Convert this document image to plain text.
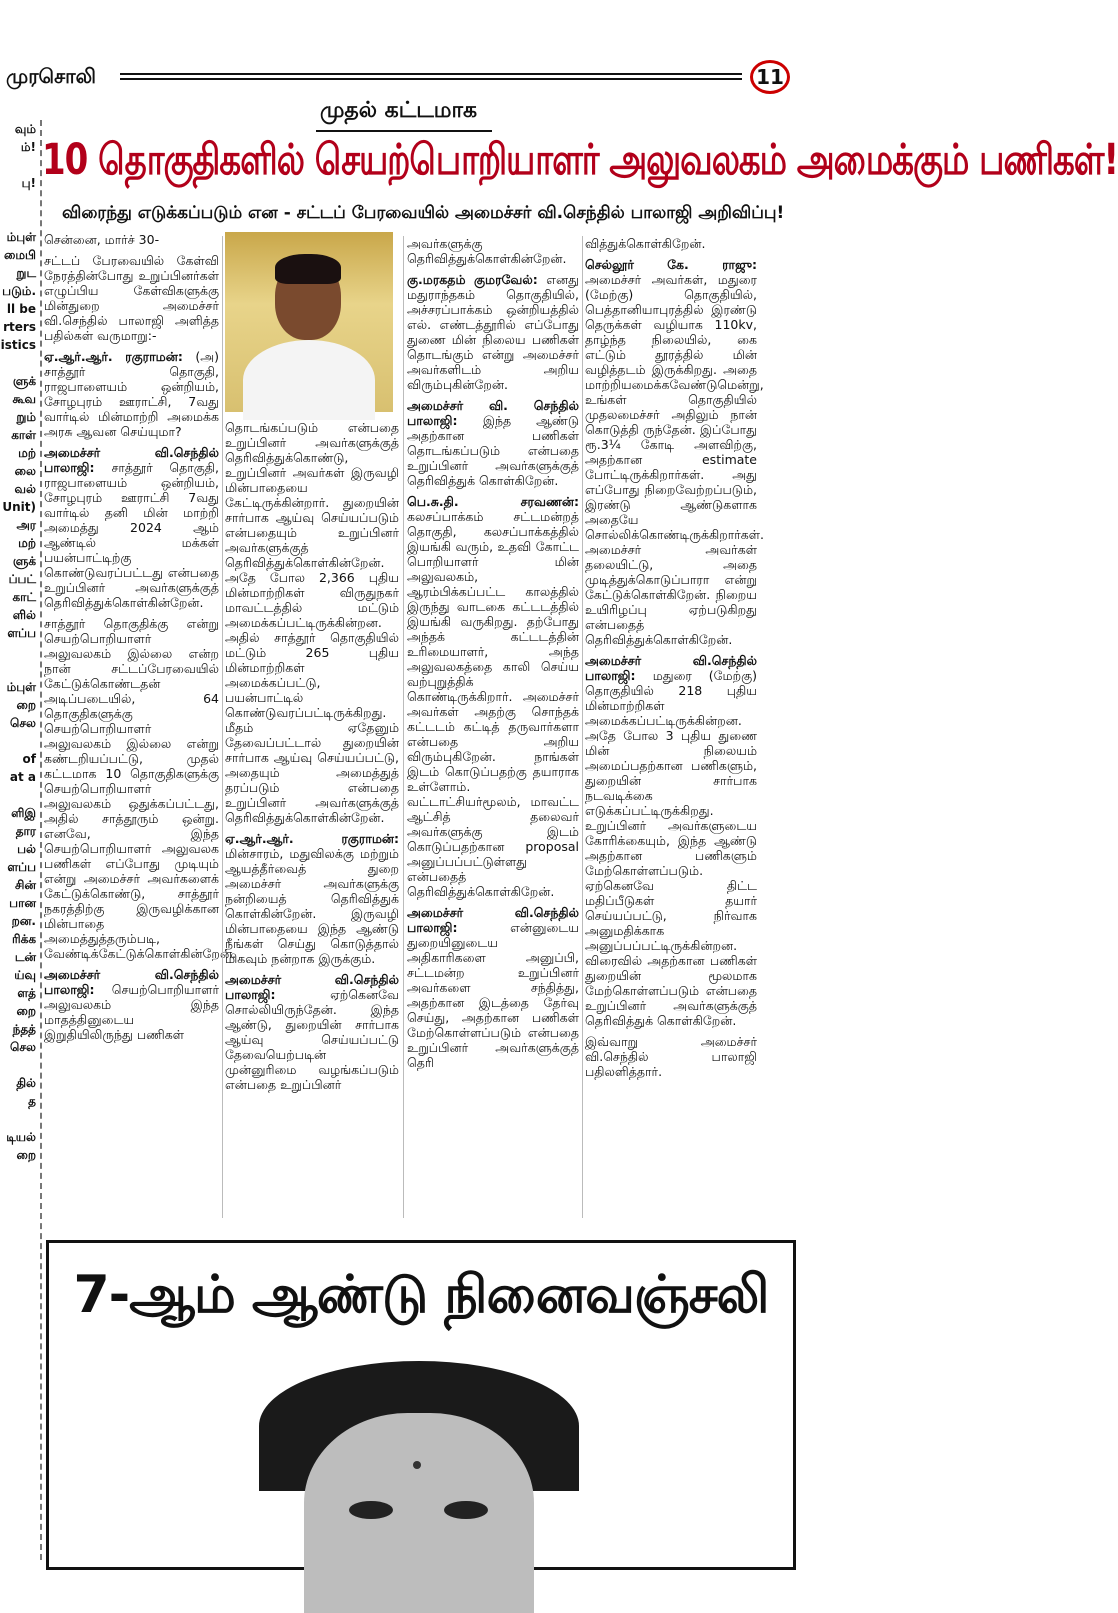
வும்
ம்!

பு!

ம்புள்
மைபி
றுட
படும்.
ll be
rters
istics

ளுக்
கூவ
றும்
காள்
மற்
லை
வல்
Unit)
அர
மற்
ளுக்
ப்பட்
காட்
ளில்
ளப்ப

ம்புள்
றை
செல

of
at a

ளிஇ
தார
பல்
ளப்ப
சின்
பான
றன.
ரிக்க
டன்
ய்வு
ளத்
றை
ந்தத்
செல

தில்
த

டியல்
றை
முரசொலி	11
முதல் கட்டமாக
10 தொகுதிகளில் செயற்பொறியாளர் அலுவலகம் அமைக்கும் பணிகள்!
விரைந்து எடுக்கப்படும் என - சட்டப் பேரவையில் அமைச்சர் வி.செந்தில் பாலாஜி அறிவிப்பு!

சென்னை, மார்ச் 30-

சட்டப் பேரவையில் கேள்வி நேரத்தின்போது உறுப்பினர்கள் எழுப்பிய கேள்விகளுக்கு மின்துறை அமைச்சர் வி.செந்தில் பாலாஜி அளித்த பதில்கள் வருமாறு:-

ஏ.ஆர்.ஆர். ரகுராமன்: (அ) சாத்தூர் தொகுதி, ராஜபாளையம் ஒன்றியம், சோழபுரம் ஊராட்சி, 7வது வார்டில் மின்மாற்றி அமைக்க அரசு ஆவன செய்யுமா?

அமைச்சர் வி.செந்தில் பாலாஜி: சாத்தூர் தொகுதி, ராஜபாளையம் ஒன்றியம், சோழபுரம் ஊராட்சி 7வது வார்டில் தனி மின் மாற்றி அமைத்து 2024 ஆம் ஆண்டில் மக்கள் பயன்பாட்டிற்கு கொண்டுவரப்பட்டது என்பதை உறுப்பினர் அவர்களுக்குத் தெரிவித்துக்கொள்கின்றேன்.

சாத்தூர் தொகுதிக்கு என்று செயற்பொறியாளர் அலுவலகம் இல்லை என்ற நான் சட்டப்பேரவையில் கேட்டுக்கொண்டதன் அடிப்படையில், 64 தொகுதிகளுக்கு செயற்பொறியாளர் அலுவலகம் இல்லை என்று கண்டறியப்பட்டு, முதல் கட்டமாக 10 தொகுதிகளுக்கு செயற்பொறியாளர் அலுவலகம் ஒதுக்கப்பட்டது, அதில் சாத்தூரும் ஒன்று. எனவே, இந்த செயற்பொறியாளர் அலுவலக பணிகள் எப்போது முடியும் என்று அமைச்சர் அவர்களைக் கேட்டுக்கொண்டு, சாத்தூர் நகரத்திற்கு இருவழிக்கான மின்பாதை அமைத்துத்தரும்படி, வேண்டிக்கேட்டுக்கொள்கின்றேன்.

அமைச்சர் வி.செந்தில் பாலாஜி: செயற்பொறியாளர் அலுவலகம் இந்த மாதத்தினுடைய இறுதியிலிருந்து பணிகள்

தொடங்கப்படும் என்பதை உறுப்பினர் அவர்களுக்குத் தெரிவித்துக்கொண்டு, உறுப்பினர் அவர்கள் இருவழி மின்பாதையை கேட்டிருக்கின்றார். துறையின் சார்பாக ஆய்வு செய்யப்படும் என்பதையும் உறுப்பினர் அவர்களுக்குத் தெரிவித்துக்கொள்கின்றேன். அதே போல 2,366 புதிய மின்மாற்றிகள் விருதுநகர் மாவட்டத்தில் மட்டும் அமைக்கப்பட்டிருக்கின்றன. அதில் சாத்தூர் தொகுதியில் மட்டும் 265 புதிய மின்மாற்றிகள் அமைக்கப்பட்டு, பயன்பாட்டில் கொண்டுவரப்பட்டிருக்கிறது. மீதம் ஏதேனும் தேவைப்பட்டால் துறையின் சார்பாக ஆய்வு செய்யப்பட்டு, அதையும் அமைத்துத் தரப்படும் என்பதை உறுப்பினர் அவர்களுக்குத் தெரிவித்துக்கொள்கின்றேன்.

ஏ.ஆர்.ஆர். ரகுராமன்: மின்சாரம், மதுவிலக்கு மற்றும் ஆயத்தீர்வைத் துறை அமைச்சர் அவர்களுக்கு நன்றியைத் தெரிவித்துக் கொள்கின்றேன். இருவழி மின்பாதையை இந்த ஆண்டு நீங்கள் செய்து கொடுத்தால் மிகவும் நன்றாக இருக்கும்.

அமைச்சர் வி.செந்தில் பாலாஜி: ஏற்கெனவே சொல்லியிருந்தேன். இந்த ஆண்டு, துறையின் சார்பாக ஆய்வு செய்யப்பட்டு தேவையெற்படின் முன்னுரிமை வழங்கப்படும் என்பதை உறுப்பினர்

அவர்களுக்கு தெரிவித்துக்கொள்கின்றேன்.

கு.மரகதம் குமரவேல்: எனது மதுராந்தகம் தொகுதியில், அச்சரப்பாக்கம் ஒன்றியத்தில் எல். எண்டத்தூரில் எப்போது துணை மின் நிலைய பணிகள் தொடங்கும் என்று அமைச்சர் அவர்களிடம் அறிய விரும்புகின்றேன்.

அமைச்சர் வி. செந்தில் பாலாஜி: இந்த ஆண்டு அதற்கான பணிகள் தொடங்கப்படும் என்பதை உறுப்பினர் அவர்களுக்குத் தெரிவித்துக் கொள்கிறேன்.

பெ.சு.தி. சரவணன்: கலசப்பாக்கம் சட்டமன்றத் தொகுதி, கலசப்பாக்கத்தில் இயங்கி வரும், உதவி கோட்ட பொறியாளர் மின் அலுவலகம், ஆரம்பிக்கப்பட்ட காலத்தில் இருந்து வாடகை கட்டடத்தில் இயங்கி வருகிறது. தற்போது அந்தக் கட்டடத்தின் உரிமையாளர், அந்த அலுவலகத்தை காலி செய்ய வற்புறுத்திக் கொண்டிருக்கிறார். அமைச்சர் அவர்கள் அதற்கு சொந்தக் கட்டடம் கட்டித் தருவார்களா என்பதை அறிய விரும்புகிறேன். நாங்கள் இடம் கொடுப்பதற்கு தயாராக உள்ளோம். வட்டாட்சியர்மூலம், மாவட்ட ஆட்சித் தலைவர் அவர்களுக்கு இடம் கொடுப்பதற்கான proposal அனுப்பப்பட்டுள்ளது என்பதைத் தெரிவித்துக்கொள்கிறேன்.

அமைச்சர் வி.செந்தில் பாலாஜி: என்னுடைய துறையினுடைய அதிகாரிகளை அனுப்பி, சட்டமன்ற உறுப்பினர் அவர்களை சந்தித்து, அதற்கான இடத்தை தேர்வு செய்து, அதற்கான பணிகள் மேற்கொள்ளப்படும் என்பதை உறுப்பினர் அவர்களுக்குத் தெரி

வித்துக்கொள்கிறேன்.

செல்லூர் கே. ராஜு: அமைச்சர் அவர்கள், மதுரை (மேற்கு) தொகுதியில், பெத்தானியாபுரத்தில் இரண்டு தெருக்கள் வழியாக 110kv, தாழ்ந்த நிலையில், கை எட்டும் தூரத்தில் மின் வழித்தடம் இருக்கிறது. அதை மாற்றியமைக்கவேண்டுமென்று, உங்கள் தொகுதியில் முதலமைச்சர் அதிலும் நான் கொடுத்தி ருந்தேன். இப்போது ரூ.3¼ கோடி அளவிற்கு, அதற்கான estimate போட்டிருக்கிறார்கள். அது எப்போது நிறைவேற்றப்படும், இரண்டு ஆண்டுகளாக அதையே சொல்லிக்கொண்டிருக்கிறார்கள். அமைச்சர் அவர்கள் தலையிட்டு, அதை முடித்துக்கொடுப்பாரா என்று கேட்டுக்கொள்கிறேன். நிறைய உயிரிழப்பு ஏற்படுகிறது என்பதைத் தெரிவித்துக்கொள்கிறேன்.

அமைச்சர் வி.செந்தில் பாலாஜி: மதுரை (மேற்கு) தொகுதியில் 218 புதிய மின்மாற்றிகள் அமைக்கப்பட்டிருக்கின்றன. அதே போல 3 புதிய துணை மின் நிலையம் அமைப்பதற்கான பணிகளும், துறையின் சார்பாக நடவடிக்கை எடுக்கப்பட்டிருக்கிறது. உறுப்பினர் அவர்களுடைய கோரிக்கையும், இந்த ஆண்டு அதற்கான பணிகளும் மேற்கொள்ளப்படும். ஏற்கெனவே திட்ட மதிப்பீடுகள் தயார் செய்யப்பட்டு, நிர்வாக அனுமதிக்காக அனுப்பப்பட்டிருக்கின்றன. விரைவில் அதற்கான பணிகள் துறையின் மூலமாக மேற்கொள்ளப்படும் என்பதை உறுப்பினர் அவர்களுக்குத் தெரிவித்துக் கொள்கிறேன்.

இவ்வாறு அமைச்சர் வி.செந்தில் பாலாஜி பதிலளித்தார்.

7-ஆம் ஆண்டு நினைவஞ்சலி
